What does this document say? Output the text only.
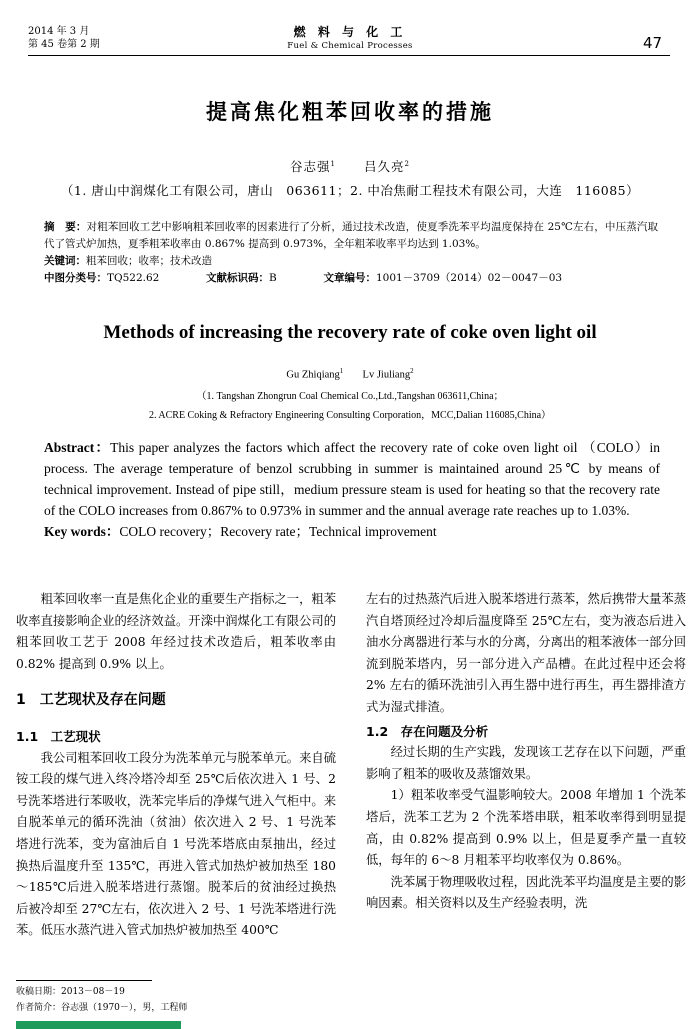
2014 年 3 月
第 45 卷第 2 期
燃 料 与 化 工
Fuel & Chemical Processes	47
提高焦化粗苯回收率的措施
谷志强$^1$ 吕久亮$^2$
（1. 唐山中润煤化工有限公司，唐山　063611；2. 中冶焦耐工程技术有限公司，大连　116085）
摘　要：对粗苯回收工艺中影响粗苯回收率的因素进行了分析，通过技术改造，使夏季洗苯平均温度保持在 25℃左右，中压蒸汽取代了管式炉加热，夏季粗苯收率由 0.867% 提高到 0.973%，全年粗苯收率平均达到 1.03%。
关键词：粗苯回收；收率；技术改造
中图分类号：TQ522.62	文献标识码：B	文章编号：1001－3709（2014）02－0047－03
Methods of increasing the recovery rate of coke oven light oil
Gu Zhiqiang$^1$ Lv Jiuliang$^2$
（1. Tangshan Zhongrun Coal Chemical Co.,Ltd.,Tangshan 063611,China；
2. ACRE Coking & Refractory Engineering Consulting Corporation，MCC,Dalian 116085,China）
Abstract：This paper analyzes the factors which affect the recovery rate of coke oven light oil （COLO）in process. The average temperature of benzol scrubbing in summer is maintained around 25℃ by means of technical improvement. Instead of pipe still，medium pressure steam is used for heating so that the recovery rate of the COLO increases from 0.867% to 0.973% in summer and the annual average rate reaches up to 1.03%.
Key words：COLO recovery；Recovery rate；Technical improvement
粗苯回收率一直是焦化企业的重要生产指标之一，粗苯收率直接影响企业的经济效益。开滦中润煤化工有限公司的粗苯回收工艺于 2008 年经过技术改造后，粗苯收率由 0.82% 提高到 0.9% 以上。
1　工艺现状及存在问题
1.1　工艺现状
我公司粗苯回收工段分为洗苯单元与脱苯单元。来自硫铵工段的煤气进入终冷塔冷却至 25℃后依次进入 1 号、2 号洗苯塔进行苯吸收，洗苯完毕后的净煤气进入气柜中。来自脱苯单元的循环洗油（贫油）依次进入 2 号、1 号洗苯塔进行洗苯，变为富油后自 1 号洗苯塔底由泵抽出，经过换热后温度升至 135℃，再进入管式加热炉被加热至 180～185℃后进入脱苯塔进行蒸馏。脱苯后的贫油经过换热后被冷却至 27℃左右，依次进入 2 号、1 号洗苯塔进行洗苯。低压水蒸汽进入管式加热炉被加热至 400℃
左右的过热蒸汽后进入脱苯塔进行蒸苯，然后携带大量苯蒸汽自塔顶经过冷却后温度降至 25℃左右，变为液态后进入油水分离器进行苯与水的分离，分离出的粗苯液体一部分回流到脱苯塔内，另一部分进入产品槽。在此过程中还会将 2% 左右的循环洗油引入再生器中进行再生，再生器排渣方式为湿式排渣。
1.2　存在问题及分析
经过长期的生产实践，发现该工艺存在以下问题，严重影响了粗苯的吸收及蒸馏效果。
1）粗苯收率受气温影响较大。2008 年增加 1 个洗苯塔后，洗苯工艺为 2 个洗苯塔串联，粗苯收率得到明显提高，由 0.82% 提高到 0.9% 以上，但是夏季产量一直较低，每年的 6～8 月粗苯平均收率仅为 0.86%。
洗苯属于物理吸收过程，因此洗苯平均温度是主要的影响因素。相关资料以及生产经验表明，洗
收稿日期：2013－08－19
作者简介：谷志强（1970－），男，工程师
